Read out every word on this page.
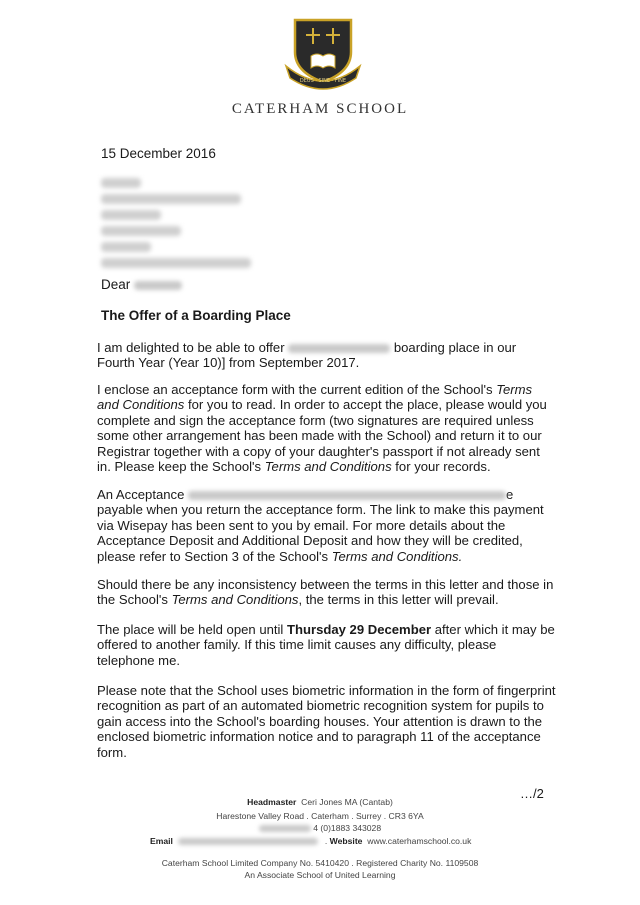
DEUS · SINE · FINE
CATERHAM SCHOOL
15 December 2016
Dear
The Offer of a Boarding Place

I am delighted to be able to offer	boarding place in our Fourth Year (Year 10)] from September 2017.

I enclose an acceptance form with the current edition of the School's Terms and Conditions for you to read. In order to accept the place, please would you complete and sign the acceptance form (two signatures are required unless some other arrangement has been made with the School) and return it to our Registrar together with a copy of your daughter's passport if not already sent in. Please keep the School's Terms and Conditions for your records.

An Acceptance	e payable when you return the acceptance form. The link to make this payment via Wisepay has been sent to you by email. For more details about the Acceptance Deposit and Additional Deposit and how they will be credited, please refer to Section 3 of the School's Terms and Conditions.

Should there be any inconsistency between the terms in this letter and those in the School's Terms and Conditions, the terms in this letter will prevail.

The place will be held open until Thursday 29 December after which it may be offered to another family. If this time limit causes any difficulty, please telephone me.

Please note that the School uses biometric information in the form of fingerprint recognition as part of an automated biometric recognition system for pupils to gain access into the School's boarding houses. Your attention is drawn to the enclosed biometric information notice and to paragraph 11 of the acceptance form.

…/2
Headmaster Ceri Jones MA (Cantab)
Harestone Valley Road . Caterham . Surrey . CR3 6YA
4 (0)1883 343028
Email	. Website www.caterhamschool.co.uk
Caterham School Limited Company No. 5410420 . Registered Charity No. 1109508
An Associate School of United Learning
